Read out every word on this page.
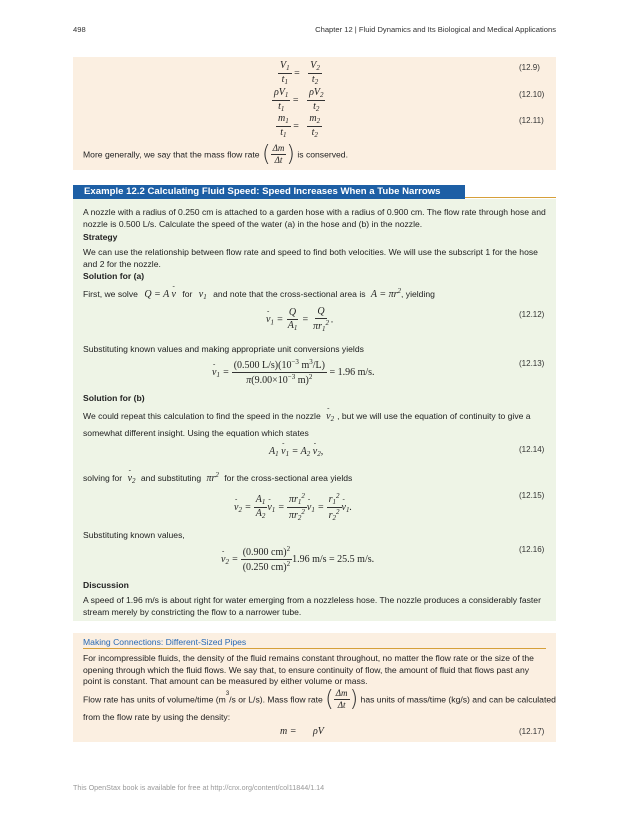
498	Chapter 12 | Fluid Dynamics and Its Biological and Medical Applications
$\frac{V_1}{t_1} = \frac{V_2}{t_2}$	(12.9)
$\frac{\rho V_1}{t_1} = \frac{\rho V_2}{t_2}$	(12.10)
$\frac{m_1}{t_1} = \frac{m_2}{t_2}$	(12.11)
More generally, we say that the mass flow rate ( $\frac{\Delta m}{\Delta t}$ ) is conserved.
Example 12.2 Calculating Fluid Speed: Speed Increases When a Tube Narrows
A nozzle with a radius of 0.250 cm is attached to a garden hose with a radius of 0.900 cm. The flow rate through hose and nozzle is 0.500 L/s. Calculate the speed of the water (a) in the hose and (b) in the nozzle.
Strategy
We can use the relationship between flow rate and speed to find both velocities. We will use the subscript 1 for the hose and 2 for the nozzle.
Solution for (a)
First, we solve Q = A - v for $v_1$ and note that the cross-sectional area is $A = \pi r^2$, yielding
- $v_1 = \frac{Q}{A_1} = \frac{Q}{\pi r_1^2}$ .	(12.12)
Substituting known values and making appropriate unit conversions yields
- $v_1 = \frac{(0.500 L/s)(10^{-3} m^3/L)}{\pi(9.00\times 10^{-3} m)^2} = 1.96$ m/s.
(12.13)
Solution for (b)
We could repeat this calculation to find the speed in the nozzle - $v_2$ , but we will use the equation of continuity to give a
somewhat different insight. Using the equation which states
$A_1 - v_1 = A_2 - v_2$,	(12.14)
solving for - $v_2$ and substituting $\pi r^2$ for the cross-sectional area yields
- $v_2 = \frac{A_1}{A_2}$
- $v_1 = \frac{\pi r_1^2}{\pi r_2^2}$
- $v_1 = \frac{r_1^2}{r_2^2}$
- $v_1$.
(12.15)
Substituting known values,
- $v_2 = \frac{(0.900 cm)^2}{(0.250 cm)^2} 1.96$ m/s = 25.5 m/s.
(12.16)
Discussion
A speed of 1.96 m/s is about right for water emerging from a nozzleless hose. The nozzle produces a considerably faster stream merely by constricting the flow to a narrower tube.
Making Connections: Different-Sized Pipes
For incompressible fluids, the density of the fluid remains constant throughout, no matter the flow rate or the size of the opening through which the fluid flows. We say that, to ensure continuity of flow, the amount of fluid that flows past any point is constant. That amount can be measured by either volume or mass.
Flow rate has units of volume/time ($m^3/s$ or L/s). Mass flow rate ( $\frac{\Delta m}{\Delta t}$ ) has units of mass/time (kg/s) and can be calculated
from the flow rate by using the density:
m = ρV	(12.17)
This OpenStax book is available for free at http://cnx.org/content/col11844/1.14
